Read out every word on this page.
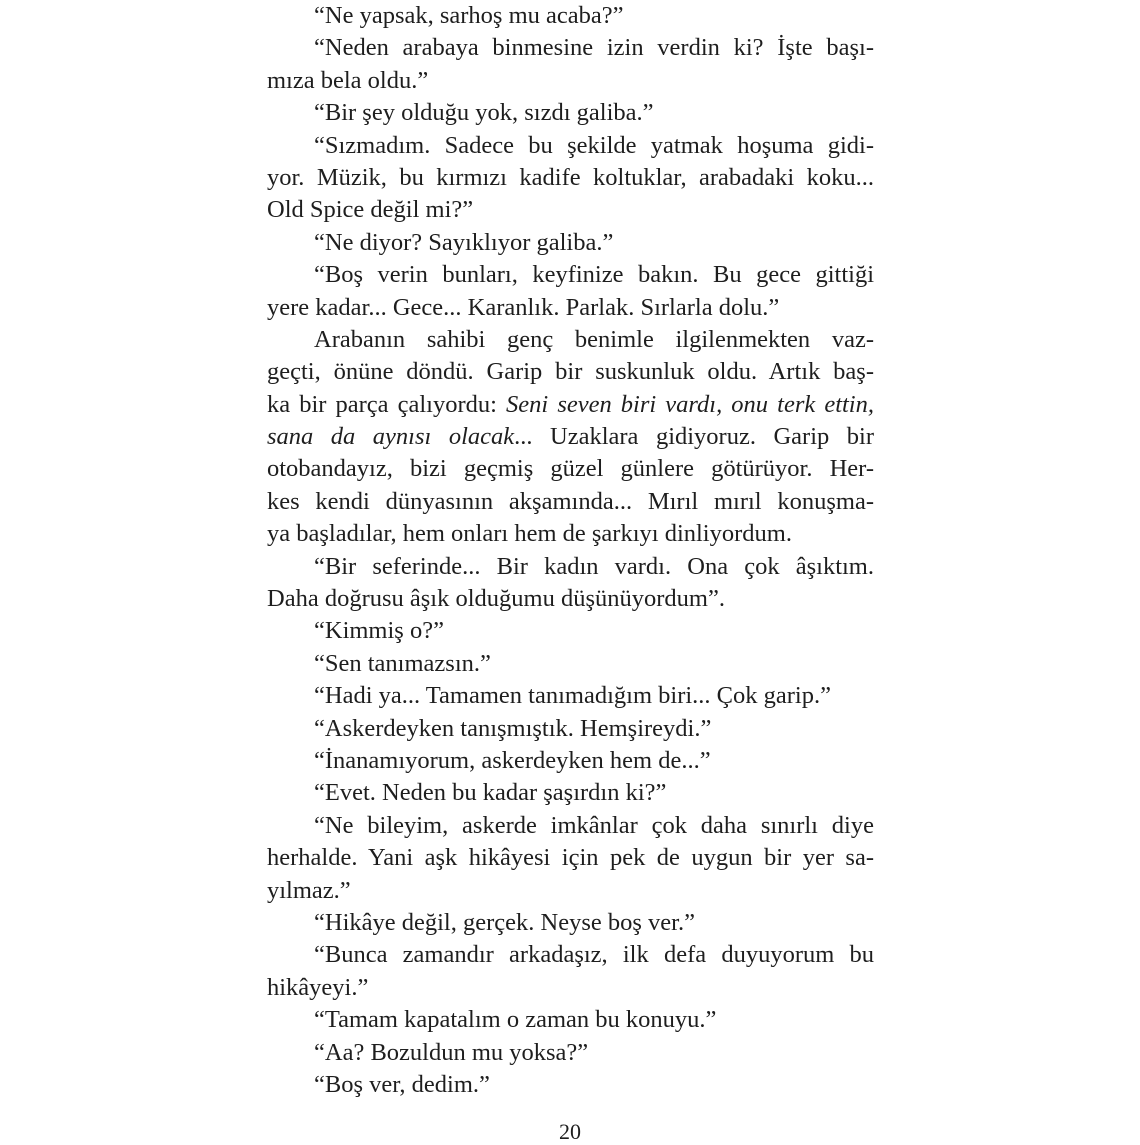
“Ne yapsak, sarhoş mu acaba?”
“Neden arabaya binmesine izin verdin ki? İşte başı-
mıza bela oldu.”
“Bir şey olduğu yok, sızdı galiba.”
“Sızmadım. Sadece bu şekilde yatmak hoşuma gidi-
yor. Müzik, bu kırmızı kadife koltuklar, arabadaki koku...
Old Spice değil mi?”
“Ne diyor? Sayıklıyor galiba.”
“Boş verin bunları, keyfinize bakın. Bu gece gittiği
yere kadar... Gece... Karanlık. Parlak. Sırlarla dolu.”
Arabanın sahibi genç benimle ilgilenmekten vaz-
geçti, önüne döndü. Garip bir suskunluk oldu. Artık baş-
ka bir parça çalıyordu: Seni seven biri vardı, onu terk ettin,
sana da aynısı olacak... Uzaklara gidiyoruz. Garip bir
otobandayız, bizi geçmiş güzel günlere götürüyor. Her-
kes kendi dünyasının akşamında... Mırıl mırıl konuşma-
ya başladılar, hem onları hem de şarkıyı dinliyordum.
“Bir seferinde... Bir kadın vardı. Ona çok âşıktım.
Daha doğrusu âşık olduğumu düşünüyordum”.
“Kimmiş o?”
“Sen tanımazsın.”
“Hadi ya... Tamamen tanımadığım biri... Çok garip.”
“Askerdeyken tanışmıştık. Hemşireydi.”
“İnanamıyorum, askerdeyken hem de...”
“Evet. Neden bu kadar şaşırdın ki?”
“Ne bileyim, askerde imkânlar çok daha sınırlı diye
herhalde. Yani aşk hikâyesi için pek de uygun bir yer sa-
yılmaz.”
“Hikâye değil, gerçek. Neyse boş ver.”
“Bunca zamandır arkadaşız, ilk defa duyuyorum bu
hikâyeyi.”
“Tamam kapatalım o zaman bu konuyu.”
“Aa? Bozuldun mu yoksa?”
“Boş ver, dedim.”
20
